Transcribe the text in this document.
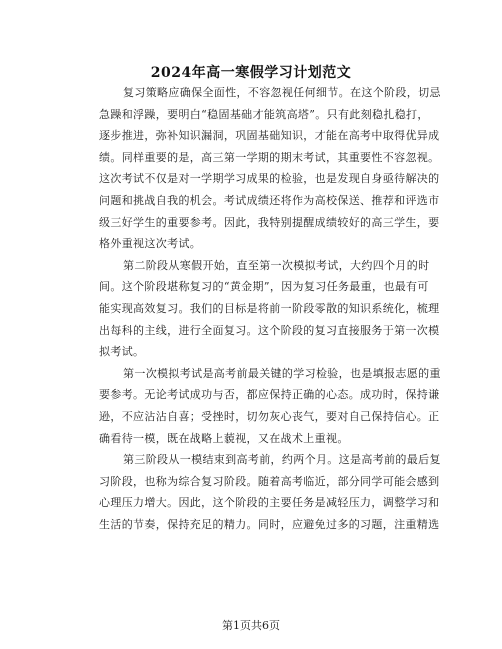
2024年高一寒假学习计划范文
复习策略应确保全面性，不容忽视任何细节。在这个阶段，切忌
急躁和浮躁，要明白“稳固基础才能筑高塔”。只有此刻稳扎稳打，
逐步推进，弥补知识漏洞，巩固基础知识，才能在高考中取得优异成
绩。同样重要的是，高三第一学期的期末考试，其重要性不容忽视。
这次考试不仅是对一学期学习成果的检验，也是发现自身亟待解决的
问题和挑战自我的机会。考试成绩还将作为高校保送、推荐和评选市
级三好学生的重要参考。因此，我特别提醒成绩较好的高三学生，要
格外重视这次考试。
第二阶段从寒假开始，直至第一次模拟考试，大约四个月的时
间。这个阶段堪称复习的“黄金期”，因为复习任务最重，也最有可
能实现高效复习。我们的目标是将前一阶段零散的知识系统化，梳理
出每科的主线，进行全面复习。这个阶段的复习直接服务于第一次模
拟考试。
第一次模拟考试是高考前最关键的学习检验，也是填报志愿的重
要参考。无论考试成功与否，都应保持正确的心态。成功时，保持谦
逊，不应沾沾自喜；受挫时，切勿灰心丧气，要对自己保持信心。正
确看待一模，既在战略上藐视，又在战术上重视。
第三阶段从一模结束到高考前，约两个月。这是高考前的最后复
习阶段，也称为综合复习阶段。随着高考临近，部分同学可能会感到
心理压力增大。因此，这个阶段的主要任务是减轻压力，调整学习和
生活的节奏，保持充足的精力。同时，应避免过多的习题，注重精选
第1页共6页
